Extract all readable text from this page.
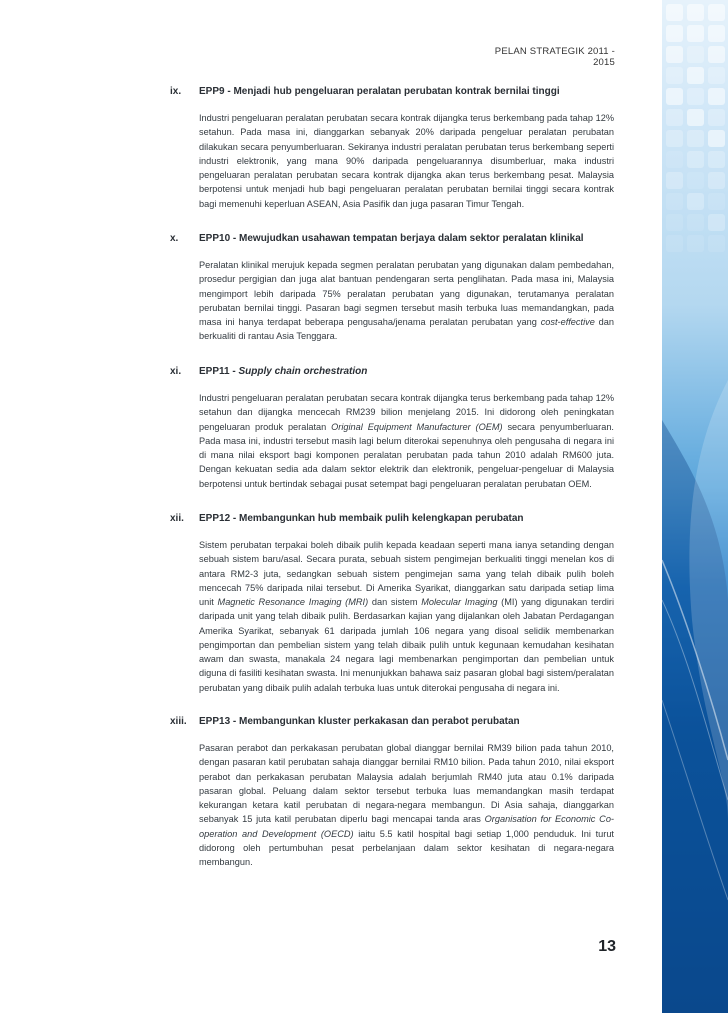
PELAN STRATEGIK 2011 - 2015
ix. EPP9 - Menjadi hub pengeluaran peralatan perubatan kontrak bernilai tinggi
Industri pengeluaran peralatan perubatan secara kontrak dijangka terus berkembang pada tahap 12% setahun. Pada masa ini, dianggarkan sebanyak 20% daripada pengeluar peralatan perubatan dilakukan secara penyumberluaran. Sekiranya industri peralatan perubatan terus berkembang seperti industri elektronik, yang mana 90% daripada pengeluarannya disumberluar, maka industri pengeluaran peralatan perubatan secara kontrak dijangka akan terus berkembang pesat. Malaysia berpotensi untuk menjadi hub bagi pengeluaran peralatan perubatan bernilai tinggi secara kontrak bagi memenuhi keperluan ASEAN, Asia Pasifik dan juga pasaran Timur Tengah.
x. EPP10 - Mewujudkan usahawan tempatan berjaya dalam sektor peralatan klinikal
Peralatan klinikal merujuk kepada segmen peralatan perubatan yang digunakan dalam pembedahan, prosedur pergigian dan juga alat bantuan pendengaran serta penglihatan. Pada masa ini, Malaysia mengimport lebih daripada 75% peralatan perubatan yang digunakan, terutamanya peralatan perubatan bernilai tinggi. Pasaran bagi segmen tersebut masih terbuka luas memandangkan, pada masa ini hanya terdapat beberapa pengusaha/jenama peralatan perubatan yang cost-effective dan berkualiti di rantau Asia Tenggara.
xi. EPP11 - Supply chain orchestration
Industri pengeluaran peralatan perubatan secara kontrak dijangka terus berkembang pada tahap 12% setahun dan dijangka mencecah RM239 bilion menjelang 2015. Ini didorong oleh peningkatan pengeluaran produk peralatan Original Equipment Manufacturer (OEM) secara penyumberluaran. Pada masa ini, industri tersebut masih lagi belum diterokai sepenuhnya oleh pengusaha di negara ini di mana nilai eksport bagi komponen peralatan perubatan pada tahun 2010 adalah RM600 juta. Dengan kekuatan sedia ada dalam sektor elektrik dan elektronik, pengeluar-pengeluar di Malaysia berpotensi untuk bertindak sebagai pusat setempat bagi pengeluaran peralatan perubatan OEM.
xii. EPP12 - Membangunkan hub membaik pulih kelengkapan perubatan
Sistem perubatan terpakai boleh dibaik pulih kepada keadaan seperti mana ianya setanding dengan sebuah sistem baru/asal. Secara purata, sebuah sistem pengimejan berkualiti tinggi menelan kos di antara RM2-3 juta, sedangkan sebuah sistem pengimejan sama yang telah dibaik pulih boleh mencecah 75% daripada nilai tersebut. Di Amerika Syarikat, dianggarkan satu daripada setiap lima unit Magnetic Resonance Imaging (MRI) dan sistem Molecular Imaging (MI) yang digunakan terdiri daripada unit yang telah dibaik pulih. Berdasarkan kajian yang dijalankan oleh Jabatan Perdagangan Amerika Syarikat, sebanyak 61 daripada jumlah 106 negara yang disoal selidik membenarkan pengimportan dan pembelian sistem yang telah dibaik pulih untuk kegunaan kemudahan kesihatan awam dan swasta, manakala 24 negara lagi membenarkan pengimportan dan pembelian untuk diguna di fasiliti kesihatan swasta. Ini menunjukkan bahawa saiz pasaran global bagi sistem/peralatan perubatan yang dibaik pulih adalah terbuka luas untuk diterokai pengusaha di negara ini.
xiii. EPP13 - Membangunkan kluster perkakasan dan perabot perubatan
Pasaran perabot dan perkakasan perubatan global dianggar bernilai RM39 bilion pada tahun 2010, dengan pasaran katil perubatan sahaja dianggar bernilai RM10 bilion. Pada tahun 2010, nilai eksport perabot dan perkakasan perubatan Malaysia adalah berjumlah RM40 juta atau 0.1% daripada pasaran global. Peluang dalam sektor tersebut terbuka luas memandangkan masih terdapat kekurangan ketara katil perubatan di negara-negara membangun. Di Asia sahaja, dianggarkan sebanyak 15 juta katil perubatan diperlu bagi mencapai tanda aras Organisation for Economic Co-operation and Development (OECD) iaitu 5.5 katil hospital bagi setiap 1,000 penduduk. Ini turut didorong oleh pertumbuhan pesat perbelanjaan dalam sektor kesihatan di negara-negara membangun.
13
